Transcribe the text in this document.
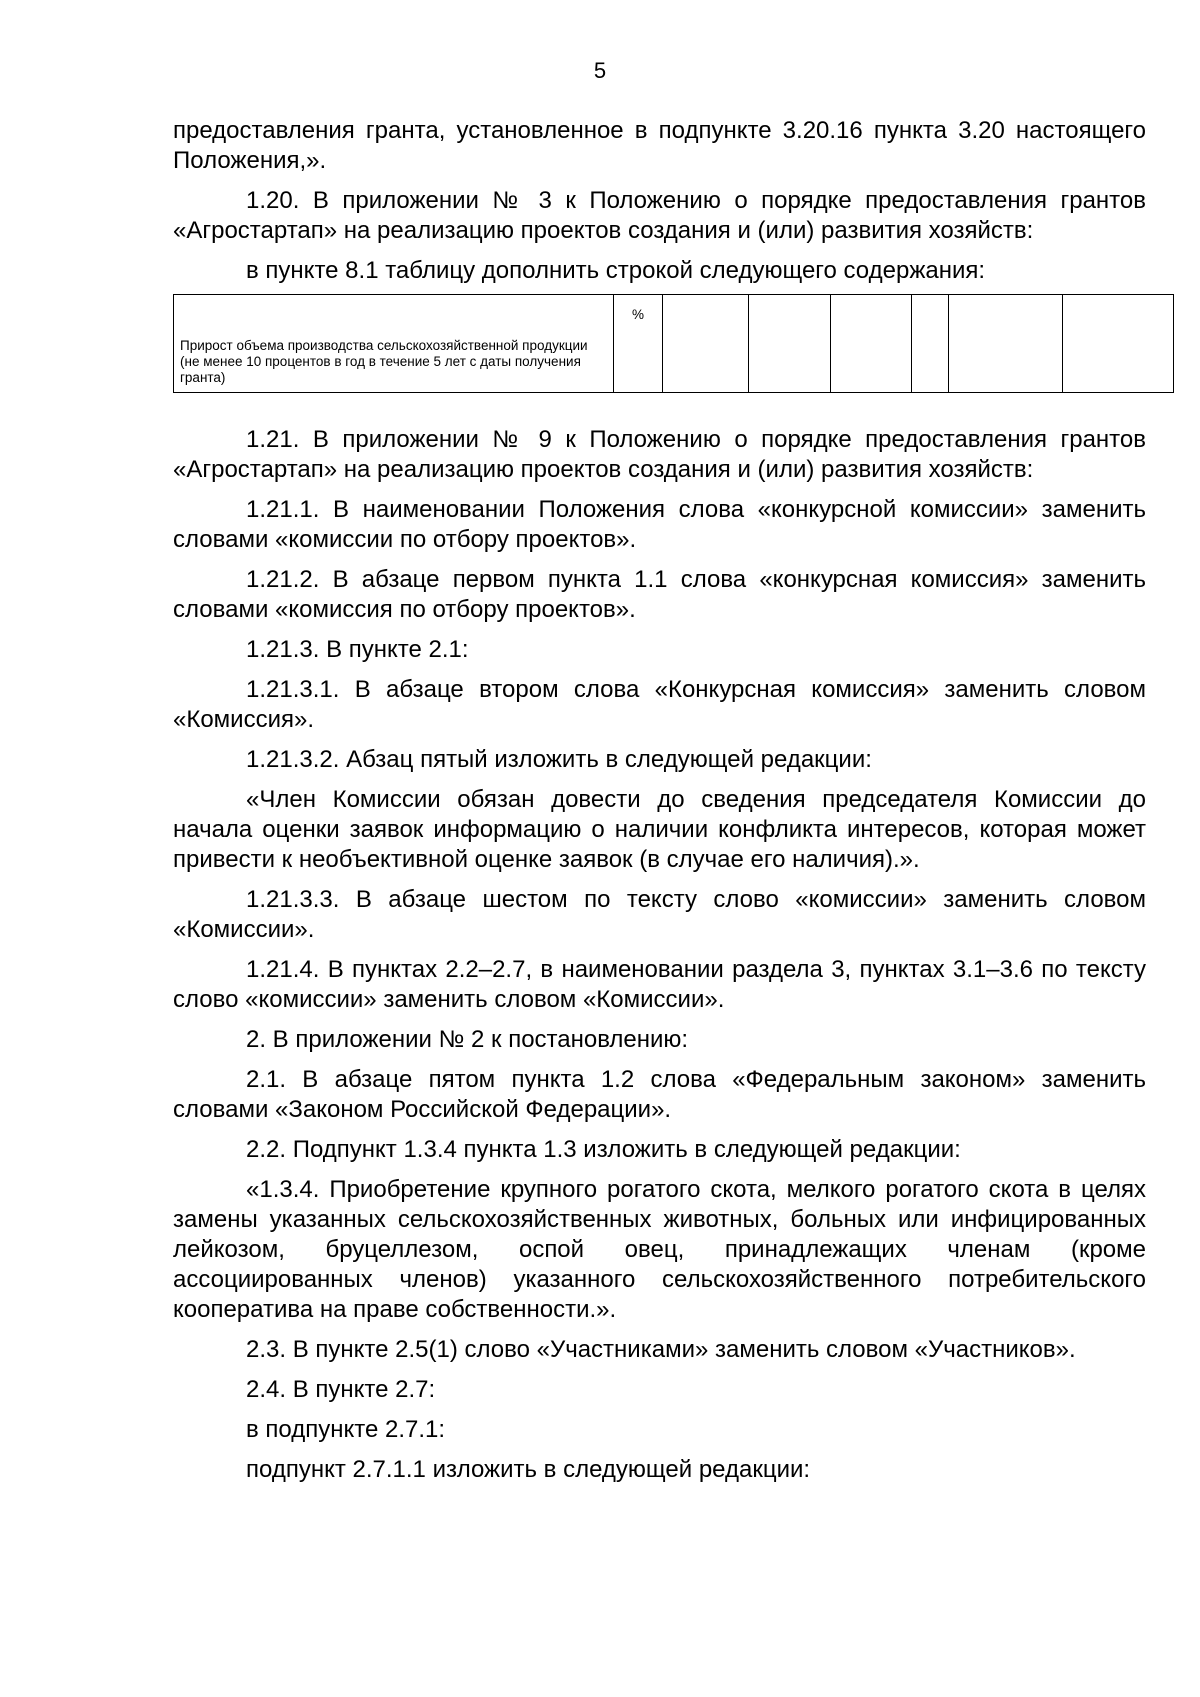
5

предоставления гранта, установленное в подпункте 3.20.16 пункта 3.20 настоящего Положения,».

1.20. В приложении № 3 к Положению о порядке предоставления грантов «Агростартап» на реализацию проектов создания и (или) развития хозяйств:

в пункте 8.1 таблицу дополнить строкой следующего содержания:

Прирост объема производства сельскохозяйственной продукции (не менее 10 процентов в год в течение 5 лет с даты получения гранта)	%						

1.21. В приложении № 9 к Положению о порядке предоставления грантов «Агростартап» на реализацию проектов создания и (или) развития хозяйств:

1.21.1. В наименовании Положения слова «конкурсной комиссии» заменить словами «комиссии по отбору проектов».

1.21.2. В абзаце первом пункта 1.1 слова «конкурсная комиссия» заменить словами «комиссия по отбору проектов».

1.21.3. В пункте 2.1:

1.21.3.1. В абзаце втором слова «Конкурсная комиссия» заменить словом «Комиссия».

1.21.3.2. Абзац пятый изложить в следующей редакции:

«Член Комиссии обязан довести до сведения председателя Комиссии до начала оценки заявок информацию о наличии конфликта интересов, которая может привести к необъективной оценке заявок (в случае его наличия).».

1.21.3.3. В абзаце шестом по тексту слово «комиссии» заменить словом «Комиссии».

1.21.4. В пунктах 2.2–2.7, в наименовании раздела 3, пунктах 3.1–3.6 по тексту слово «комиссии» заменить словом «Комиссии».

2. В приложении № 2 к постановлению:

2.1. В абзаце пятом пункта 1.2 слова «Федеральным законом» заменить словами «Законом Российской Федерации».

2.2. Подпункт 1.3.4 пункта 1.3 изложить в следующей редакции:

«1.3.4. Приобретение крупного рогатого скота, мелкого рогатого скота в целях замены указанных сельскохозяйственных животных, больных или инфицированных лейкозом, бруцеллезом, оспой овец, принадлежащих членам (кроме ассоциированных членов) указанного сельскохозяйственного потребительского кооператива на праве собственности.».

2.3. В пункте 2.5(1) слово «Участниками» заменить словом «Участников».

2.4. В пункте 2.7:

в подпункте 2.7.1:

подпункт 2.7.1.1 изложить в следующей редакции:
